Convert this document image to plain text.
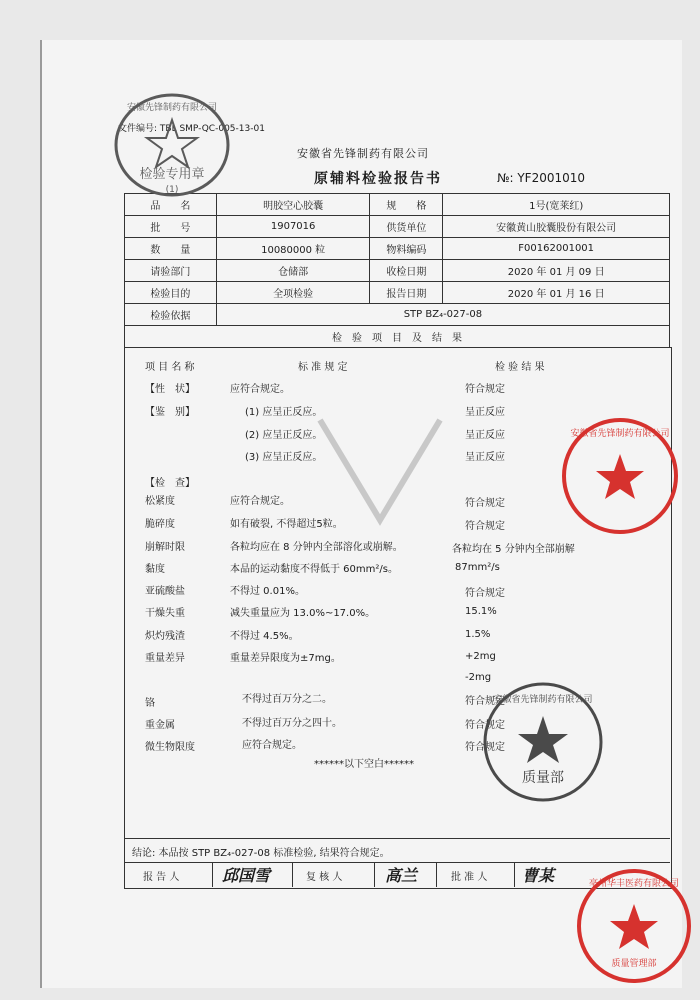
文件编号: TBL SMP-QC-005-13-01
安徽省先锋制药有限公司
原辅料检验报告书	№: YF2001010
品　　名	明胶空心胶囊	规　　格	1号(宽莱红)
批　　号	1907016	供货单位	安徽黄山胶囊股份有限公司
数　　量	10080000 粒	物料编码	F00162001001
请验部门	仓储部	收检日期	2020 年 01 月 09 日
检验目的	全项检验	报告日期	2020 年 01 月 16 日
检验依据	STP BZ₄-027-08		
检　验　项　目　及　结　果			
项 目 名 称	标 准 规 定	检 验 结 果
【性　状】	应符合规定。	符合规定
【鉴　别】	(1) 应呈正反应。	呈正反应
(2) 应呈正反应。	呈正反应
(3) 应呈正反应。	呈正反应
【检　查】
松紧度	应符合规定。	符合规定
脆碎度	如有破裂, 不得超过5粒。	符合规定
崩解时限	各粒均应在 8 分钟内全部溶化或崩解。	各粒均在 5 分钟内全部崩解
黏度	本品的运动黏度不得低于 60mm²/s。	87mm²/s
亚硫酸盐	不得过 0.01%。	符合规定
干燥失重	减失重量应为 13.0%~17.0%。	15.1%
炽灼残渣	不得过 4.5%。	1.5%
重量差异	重量差异限度为±7mg。	+2mg
-2mg
铬	不得过百万分之二。	符合规定
重金属	不得过百万分之四十。	符合规定
微生物限度	应符合规定。	符合规定
******以下空白******
结论: 本品按 STP BZ₄-027-08 标准检验, 结果符合规定。
报 告 人	邱国雪	复 核 人	高兰	批 准 人 曹某
检验专用章
(1)
安徽先锋制药有限公司
安徽省先锋制药有限公司
质量部
安徽省先锋制药有限公司
质量管理部
亳州华丰医药有限公司
